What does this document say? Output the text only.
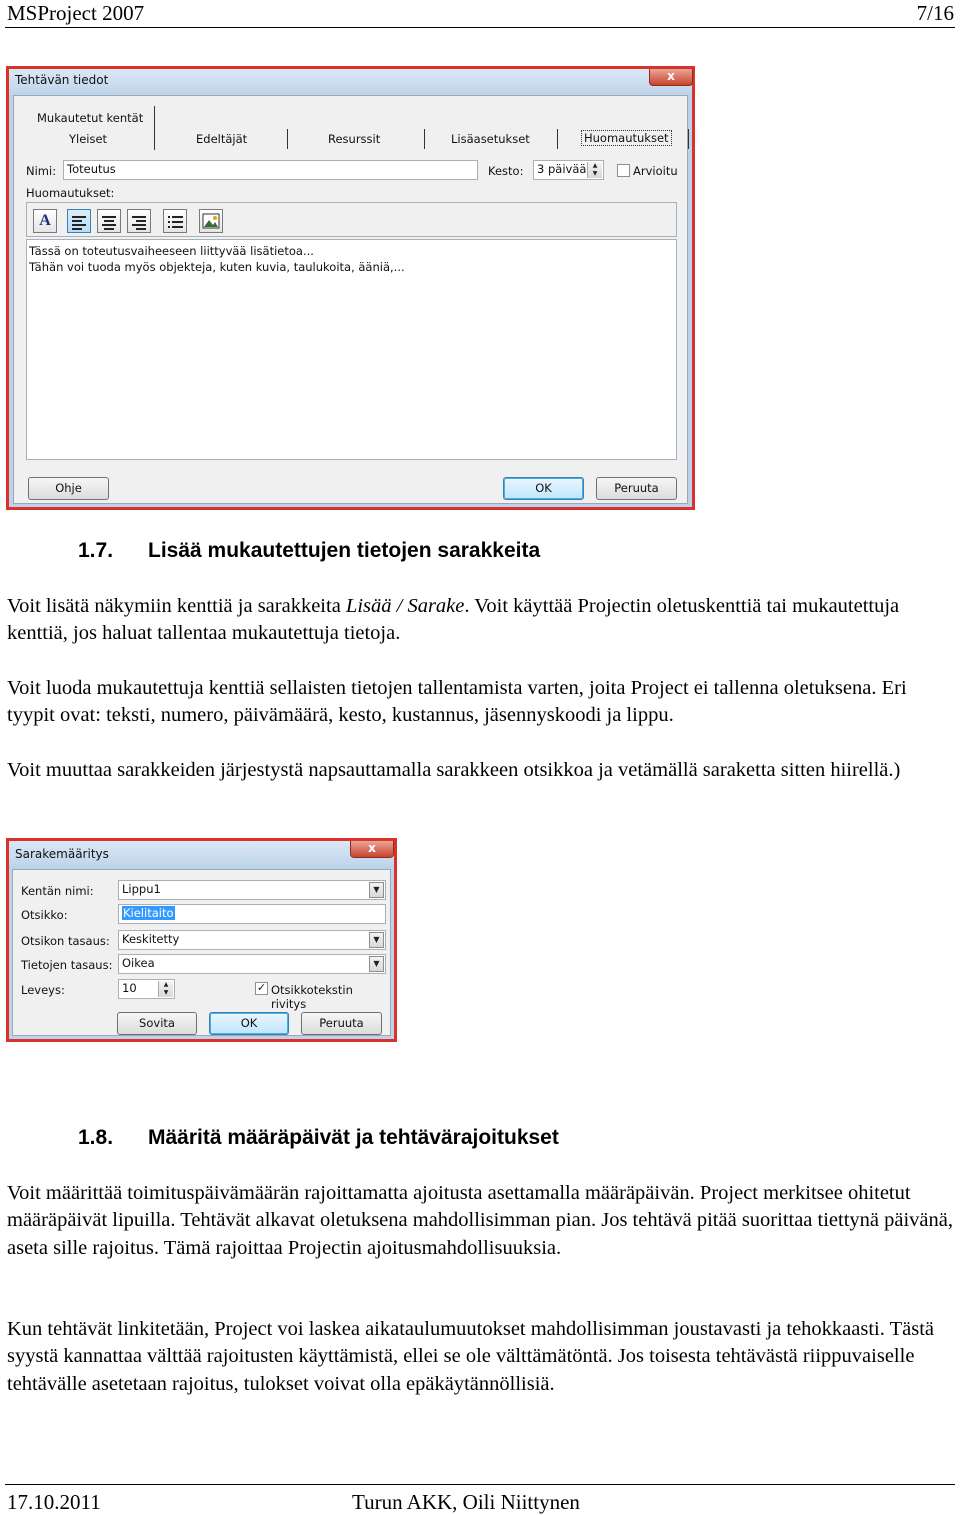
MSProject 2007	7/16
Tehtävän tiedot	x
Mukautetut kentät
Yleiset	Edeltäjät	Resurssit	Lisäasetukset	Huomautukset
Nimi: Toteutus	Kesto:	3 päivää	▲
▼	Arvioitu
Huomautukset:
A
Tässä on toteutusvaiheeseen liittyvää lisätietoa...
Tähän voi tuoda myös objekteja, kuten kuvia, taulukoita, ääniä,...
Ohje	OK	Peruuta
1.7. Lisää mukautettujen tietojen sarakkeita
Voit lisätä näkymiin kenttiä ja sarakkeita Lisää / Sarake. Voit käyttää Projectin oletuskenttiä tai mukautettuja kenttiä, jos haluat tallentaa mukautettuja tietoja.
Voit luoda mukautettuja kenttiä sellaisten tietojen tallentamista varten, joita Project ei tallenna oletuksena. Eri tyypit ovat: teksti, numero, päivämäärä, kesto, kustannus, jäsennyskoodi ja lippu.
Voit muuttaa sarakkeiden järjestystä napsauttamalla sarakkeen otsikkoa ja vetämällä saraketta sitten hiirellä.)
Sarakemääritys	x
Kentän nimi:	Lippu1	▼
Otsikko:	Kielitaito
Otsikon tasaus:	Keskitetty	▼
Tietojen tasaus: Oikea	▼
Leveys:	10	▲
▼	✓ Otsikkotekstin rivitys
Sovita	OK	Peruuta
1.8. Määritä määräpäivät ja tehtävärajoitukset
Voit määrittää toimituspäivämäärän rajoittamatta ajoitusta asettamalla määräpäivän. Project merkitsee ohitetut määräpäivät lipuilla. Tehtävät alkavat oletuksena mahdollisimman pian. Jos tehtävä pitää suorittaa tiettynä päivänä, aseta sille rajoitus. Tämä rajoittaa Projectin ajoitusmahdollisuuksia.
Kun tehtävät linkitetään, Project voi laskea aikataulumuutokset mahdollisimman joustavasti ja tehokkaasti. Tästä syystä kannattaa välttää rajoitusten käyttämistä, ellei se ole välttämätöntä. Jos toisesta tehtävästä riippuvaiselle tehtävälle asetetaan rajoitus, tulokset voivat olla epäkäytännöllisiä.
17.10.2011	Turun AKK, Oili Niittynen
